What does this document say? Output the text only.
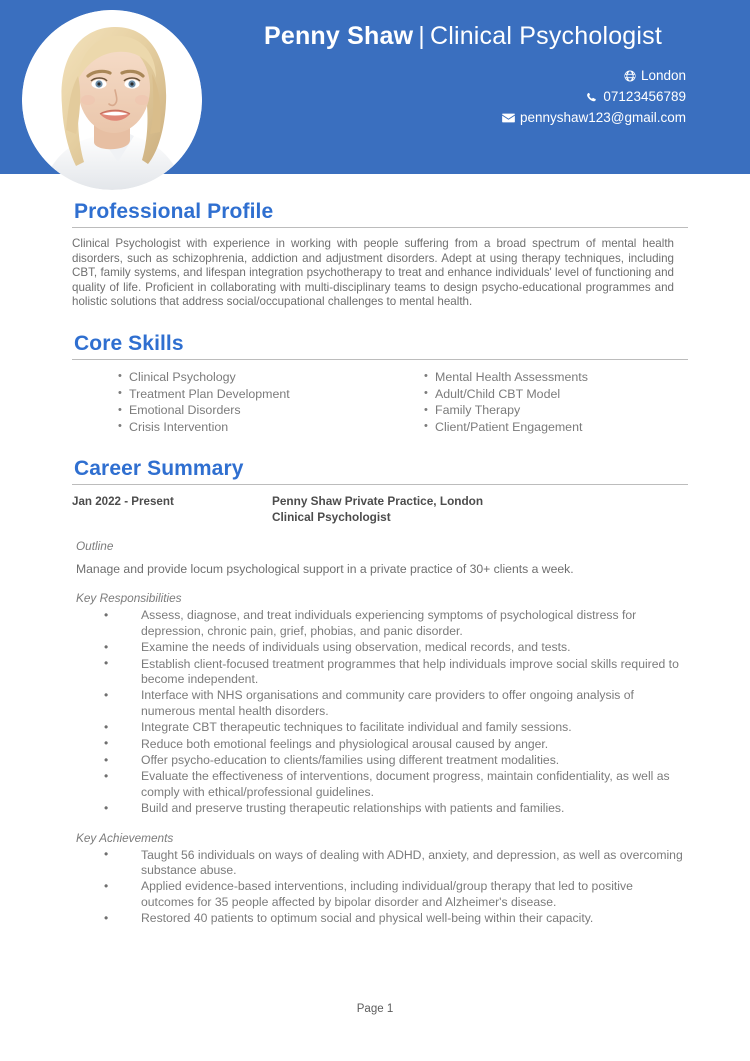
Penny Shaw | Clinical Psychologist
London
07123456789
pennyshaw123@gmail.com
Professional Profile

Clinical Psychologist with experience in working with people suffering from a broad spectrum of mental health disorders, such as schizophrenia, addiction and adjustment disorders. Adept at using therapy techniques, including CBT, family systems, and lifespan integration psychotherapy to treat and enhance individuals' level of functioning and quality of life. Proficient in collaborating with multi-disciplinary teams to design psycho-educational programmes and holistic solutions that address social/occupational challenges to mental health.

Core Skills
• Clinical Psychology
• Treatment Plan Development
• Emotional Disorders
• Crisis Intervention
• Mental Health Assessments
• Adult/Child CBT Model
• Family Therapy
• Client/Patient Engagement
Career Summary
Jan 2022 - Present	Penny Shaw Private Practice, London
Clinical Psychologist
Outline
Manage and provide locum psychological support in a private practice of 30+ clients a week.
Key Responsibilities
• Assess, diagnose, and treat individuals experiencing symptoms of psychological distress for depression, chronic pain, grief, phobias, and panic disorder.
• Examine the needs of individuals using observation, medical records, and tests.
• Establish client-focused treatment programmes that help individuals improve social skills required to become independent.
• Interface with NHS organisations and community care providers to offer ongoing analysis of numerous mental health disorders.
• Integrate CBT therapeutic techniques to facilitate individual and family sessions.
• Reduce both emotional feelings and physiological arousal caused by anger.
• Offer psycho-education to clients/families using different treatment modalities.
• Evaluate the effectiveness of interventions, document progress, maintain confidentiality, as well as comply with ethical/professional guidelines.
• Build and preserve trusting therapeutic relationships with patients and families.
Key Achievements
• Taught 56 individuals on ways of dealing with ADHD, anxiety, and depression, as well as overcoming substance abuse.
• Applied evidence-based interventions, including individual/group therapy that led to positive outcomes for 35 people affected by bipolar disorder and Alzheimer's disease.
• Restored 40 patients to optimum social and physical well-being within their capacity.
Page 1
